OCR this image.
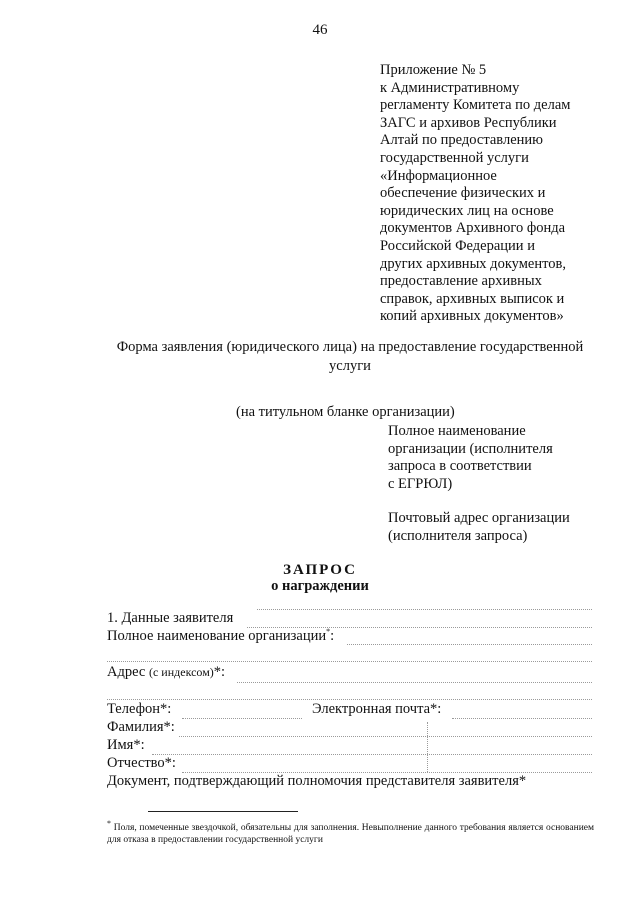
46
Приложение № 5
к Административному
регламенту Комитета по делам
ЗАГС и архивов Республики
Алтай по предоставлению
государственной услуги
«Информационное
обеспечение физических и
юридических лиц на основе
документов Архивного фонда
Российской Федерации и
других архивных документов,
предоставление архивных
справок, архивных выписок и
копий архивных документов»
Форма заявления (юридического лица) на предоставление государственной
услуги
(на титульном бланке организации)
Полное наименование
организации (исполнителя
запроса в соответствии
с ЕГРЮЛ)
Почтовый адрес организации
(исполнителя запроса)
ЗАПРОС
о награждении
1. Данные заявителя
Полное наименование организации*:
Адрес (с индексом)*:
Телефон*:	Электронная почта*:
Фамилия*:
Имя*:
Отчество*:
Документ, подтверждающий полномочия представителя заявителя*
* Поля, помеченные звездочкой, обязательны для заполнения. Невыполнение данного требования является основанием для отказа в предоставлении государственной услуги
